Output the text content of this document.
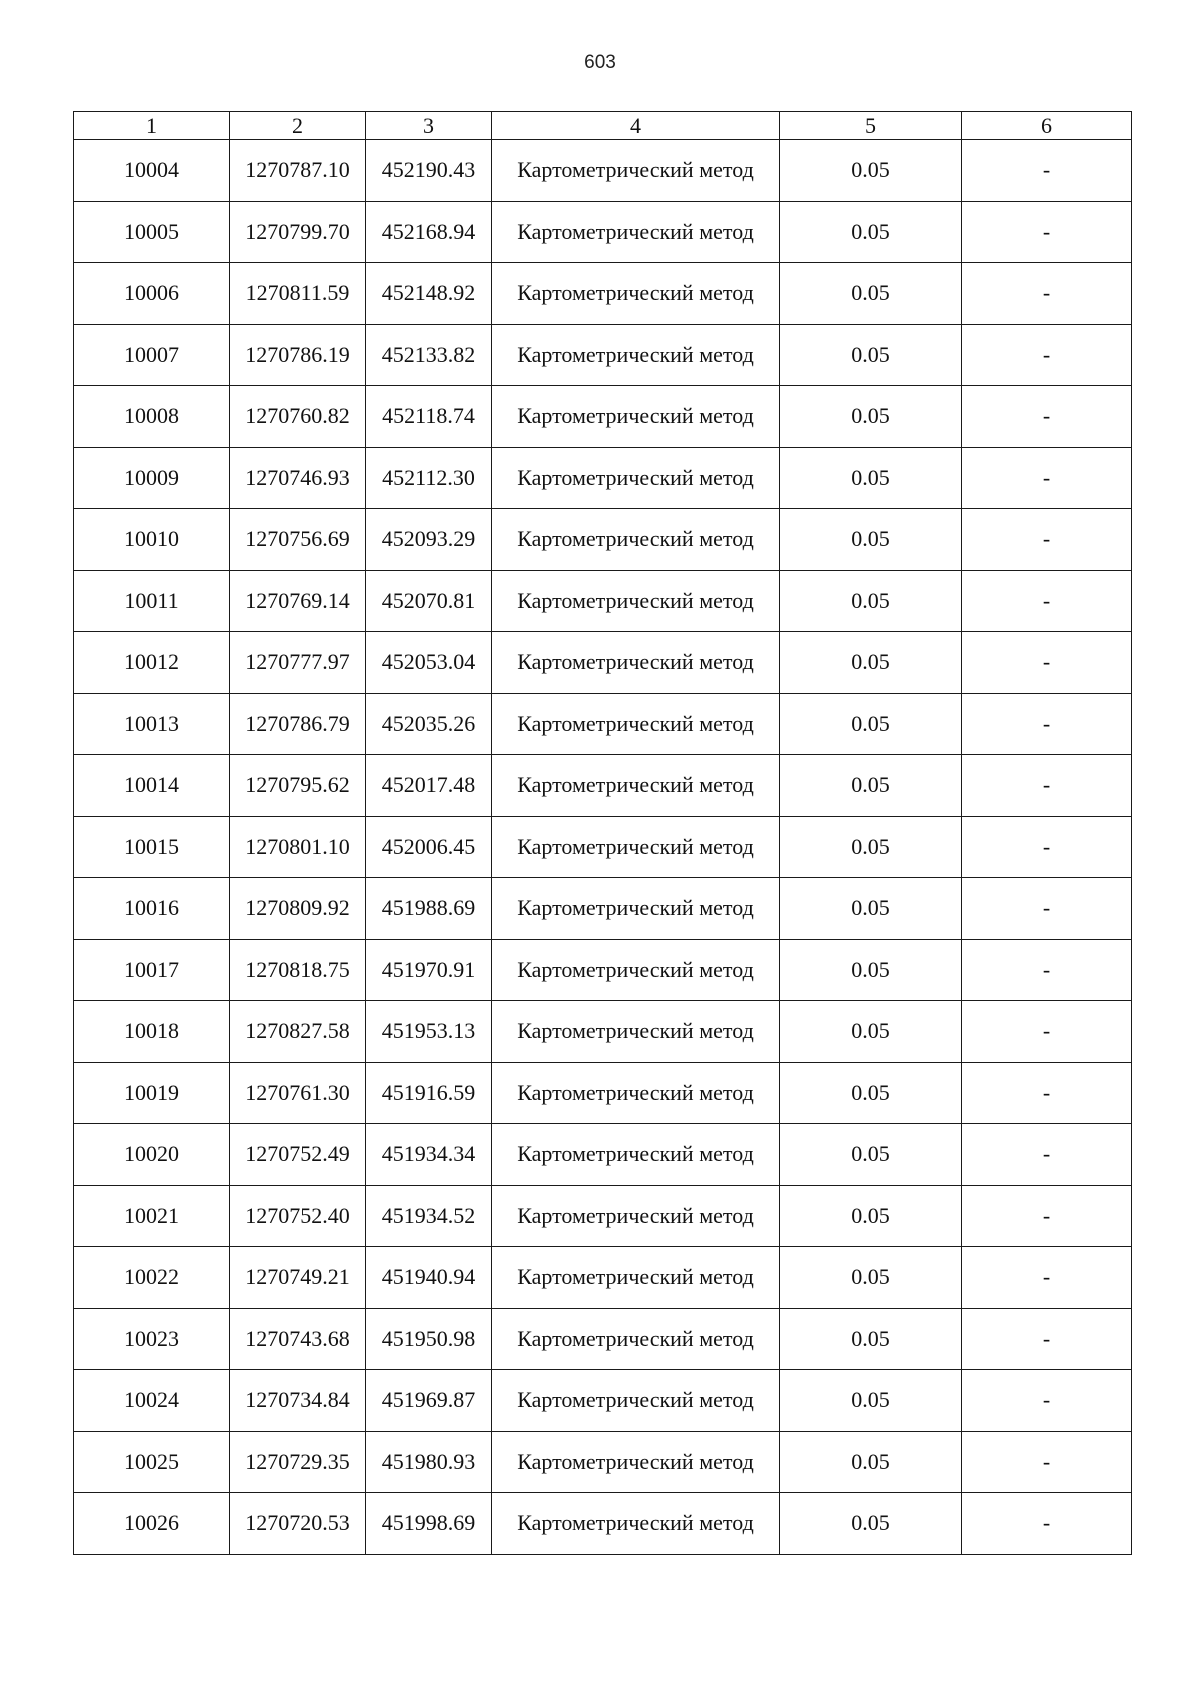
603
1	2	3	4	5	6
10004	1270787.10	452190.43	Картометрический метод	0.05	-
10005	1270799.70	452168.94	Картометрический метод	0.05	-
10006	1270811.59	452148.92	Картометрический метод	0.05	-
10007	1270786.19	452133.82	Картометрический метод	0.05	-
10008	1270760.82	452118.74	Картометрический метод	0.05	-
10009	1270746.93	452112.30	Картометрический метод	0.05	-
10010	1270756.69	452093.29	Картометрический метод	0.05	-
10011	1270769.14	452070.81	Картометрический метод	0.05	-
10012	1270777.97	452053.04	Картометрический метод	0.05	-
10013	1270786.79	452035.26	Картометрический метод	0.05	-
10014	1270795.62	452017.48	Картометрический метод	0.05	-
10015	1270801.10	452006.45	Картометрический метод	0.05	-
10016	1270809.92	451988.69	Картометрический метод	0.05	-
10017	1270818.75	451970.91	Картометрический метод	0.05	-
10018	1270827.58	451953.13	Картометрический метод	0.05	-
10019	1270761.30	451916.59	Картометрический метод	0.05	-
10020	1270752.49	451934.34	Картометрический метод	0.05	-
10021	1270752.40	451934.52	Картометрический метод	0.05	-
10022	1270749.21	451940.94	Картометрический метод	0.05	-
10023	1270743.68	451950.98	Картометрический метод	0.05	-
10024	1270734.84	451969.87	Картометрический метод	0.05	-
10025	1270729.35	451980.93	Картометрический метод	0.05	-
10026	1270720.53	451998.69	Картометрический метод	0.05	-
